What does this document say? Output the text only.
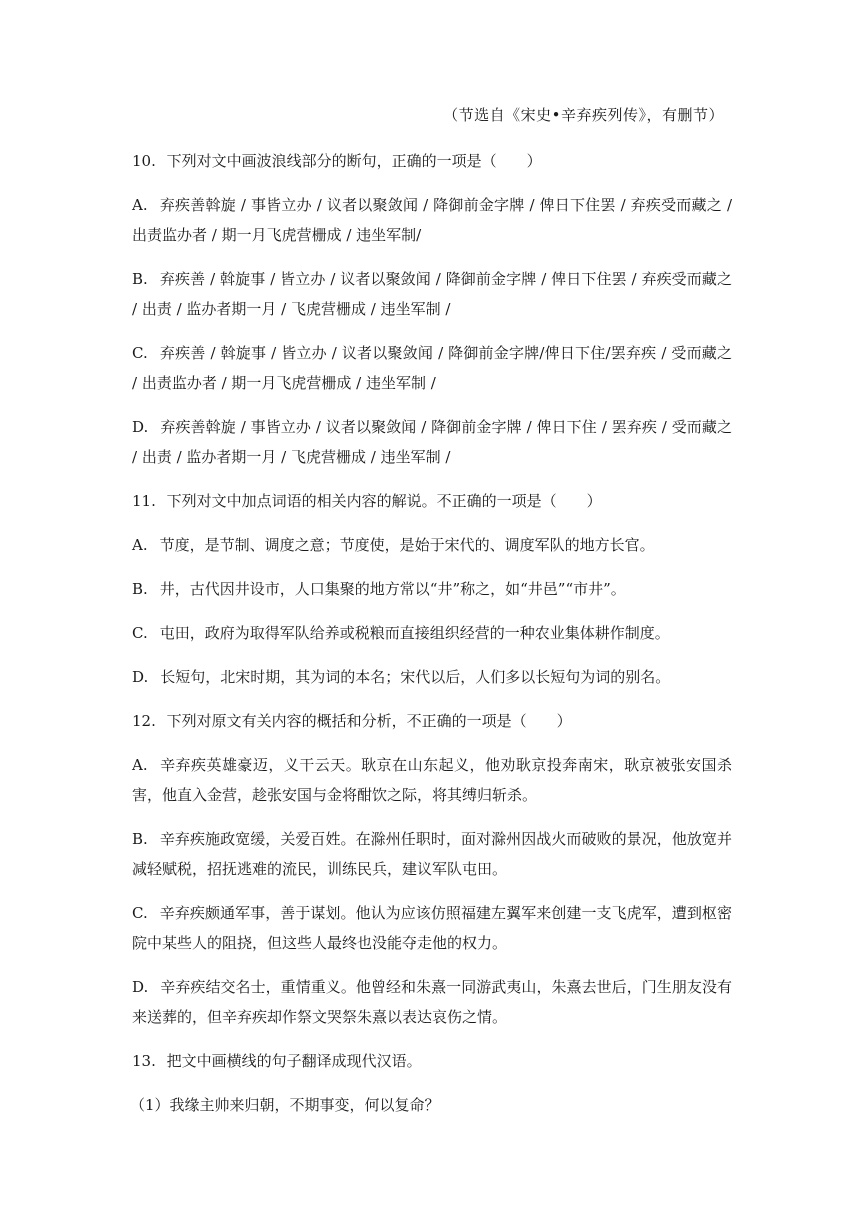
（节选自《宋史•辛弃疾列传》，有删节）
10. 下列对文中画波浪线部分的断句，正确的一项是（　　）

A. 弃疾善斡旋 / 事皆立办 / 议者以聚敛闻 / 降御前金字牌 / 俾日下住罢 / 弃疾受而藏之 / 出责监办者 / 期一月飞虎营栅成 / 违坐军制/

B. 弃疾善 / 斡旋事 / 皆立办 / 议者以聚敛闻 / 降御前金字牌 / 俾日下住罢 / 弃疾受而藏之 / 出责 / 监办者期一月 / 飞虎营栅成 / 违坐军制 /

C. 弃疾善 / 斡旋事 / 皆立办 / 议者以聚敛闻 / 降御前金字牌/俾日下住/罢弃疾 / 受而藏之 / 出责监办者 / 期一月飞虎营栅成 / 违坐军制 /

D. 弃疾善斡旋 / 事皆立办 / 议者以聚敛闻 / 降御前金字牌 / 俾日下住 / 罢弃疾 / 受而藏之 / 出责 / 监办者期一月 / 飞虎营栅成 / 违坐军制 /

11. 下列对文中加点词语的相关内容的解说。不正确的一项是（　　）

A. 节度，是节制、调度之意；节度使，是始于宋代的、调度军队的地方长官。

B. 井，古代因井设市，人口集聚的地方常以“井”称之，如“井邑”“市井”。

C. 屯田，政府为取得军队给养或税粮而直接组织经营的一种农业集体耕作制度。

D. 长短句，北宋时期，其为词的本名；宋代以后，人们多以长短句为词的别名。

12. 下列对原文有关内容的概括和分析，不正确的一项是（　　）

A. 辛弃疾英雄豪迈，义干云天。耿京在山东起义，他劝耿京投奔南宋，耿京被张安国杀害，他直入金营，趁张安国与金将酣饮之际，将其缚归斩杀。

B. 辛弃疾施政宽缓，关爱百姓。在滁州任职时，面对滁州因战火而破败的景况，他放宽并减轻赋税，招抚逃难的流民，训练民兵，建议军队屯田。

C. 辛弃疾颇通军事，善于谋划。他认为应该仿照福建左翼军来创建一支飞虎军，遭到枢密院中某些人的阻挠，但这些人最终也没能夺走他的权力。

D. 辛弃疾结交名士，重情重义。他曾经和朱熹一同游武夷山，朱熹去世后，门生朋友没有来送葬的，但辛弃疾却作祭文哭祭朱熹以表达哀伤之情。

13. 把文中画横线的句子翻译成现代汉语。

（1）我缘主帅来归朝，不期事变，何以复命？
